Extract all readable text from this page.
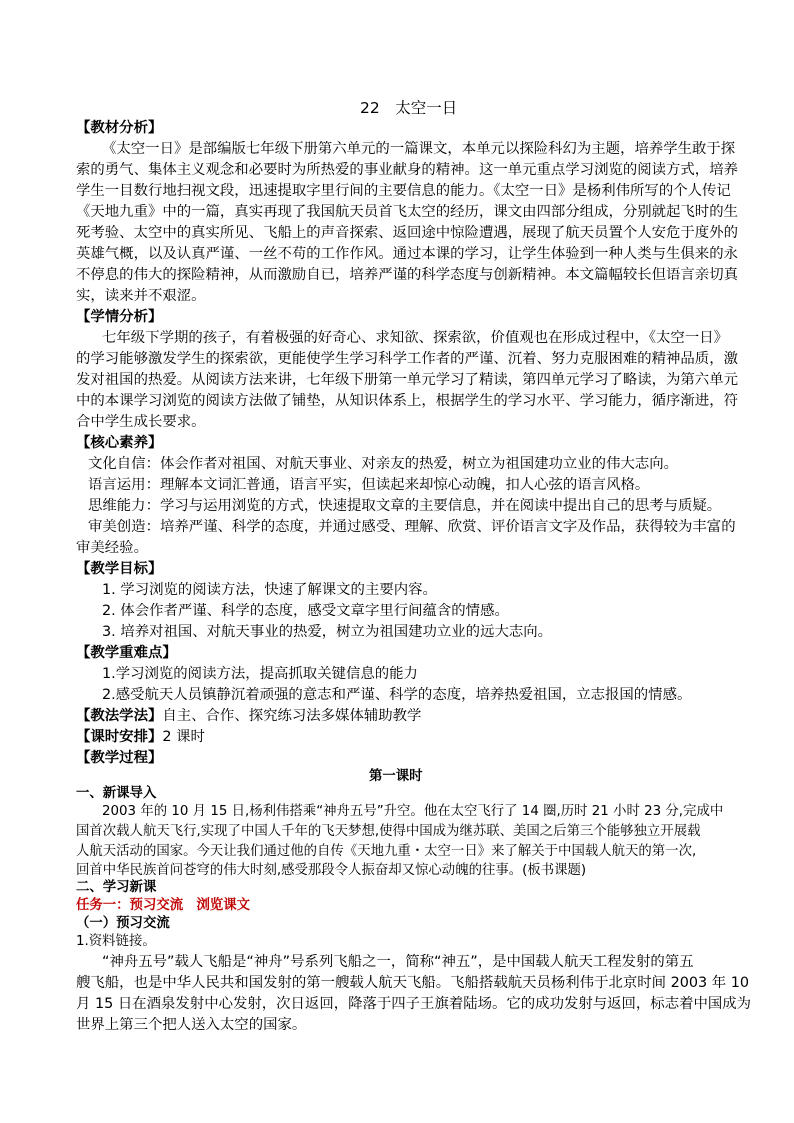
22　太空一日
【教材分析】
《太空一日》是部编版七年级下册第六单元的一篇课文，本单元以探险科幻为主题，培养学生敢于探
索的勇气、集体主义观念和必要时为所热爱的事业献身的精神。这一单元重点学习浏览的阅读方式，培养
学生一目数行地扫视文段，迅速提取字里行间的主要信息的能力。《太空一日》是杨利伟所写的个人传记
《天地九重》中的一篇，真实再现了我国航天员首飞太空的经历，课文由四部分组成，分别就起飞时的生
死考验、太空中的真实所见、飞船上的声音探索、返回途中惊险遭遇，展现了航天员置个人安危于度外的
英雄气概，以及认真严谨、一丝不苟的工作作风。通过本课的学习，让学生体验到一种人类与生俱来的永
不停息的伟大的探险精神，从而激励自已，培养严谨的科学态度与创新精神。本文篇幅较长但语言亲切真
实，读来并不艰涩。
【学情分析】
七年级下学期的孩子，有着极强的好奇心、求知欲、探索欲，价值观也在形成过程中，《太空一日》
的学习能够激发学生的探索欲，更能使学生学习科学工作者的严谨、沉着、努力克服困难的精神品质，激
发对祖国的热爱。从阅读方法来讲，七年级下册第一单元学习了精读，第四单元学习了略读，为第六单元
中的本课学习浏览的阅读方法做了铺垫，从知识体系上，根据学生的学习水平、学习能力，循序渐进，符
合中学生成长要求。
【核心素养】
文化自信：体会作者对祖国、对航天事业、对亲友的热爱，树立为祖国建功立业的伟大志向。
语言运用：理解本文词汇普通，语言平实，但读起来却惊心动魄，扣人心弦的语言风格。
思维能力：学习与运用浏览的方式，快速提取文章的主要信息，并在阅读中提出自己的思考与质疑。
审美创造：培养严谨、科学的态度，并通过感受、理解、欣赏、评价语言文字及作品，获得较为丰富的
审美经验。
【教学目标】
1. 学习浏览的阅读方法，快速了解课文的主要内容。
2. 体会作者严谨、科学的态度，感受文章字里行间蕴含的情感。
3. 培养对祖国、对航天事业的热爱，树立为祖国建功立业的远大志向。
【教学重难点】
1.学习浏览的阅读方法，提高抓取关键信息的能力
2.感受航天人员镇静沉着顽强的意志和严谨、科学的态度，培养热爱祖国，立志报国的情感。
【教法学法】自主、合作、探究练习法多媒体辅助教学
【课时安排】2 课时
【教学过程】
第一课时
一、新课导入
2003 年的 10 月 15 日,杨利伟搭乘“神舟五号”升空。他在太空飞行了 14 圈,历时 21 小时 23 分,完成中
国首次载人航天飞行,实现了中国人千年的飞天梦想,使得中国成为继苏联、美国之后第三个能够独立开展载
人航天活动的国家。今天让我们通过他的自传《天地九重・太空一日》来了解关于中国载人航天的第一次,
回首中华民族首问苍穹的伟大时刻,感受那段令人振奋却又惊心动魄的往事。(板书课题)
二、学习新课
任务一：预习交流　浏览课文
（一）预习交流
1.资料链接。
“神舟五号”载人飞船是“神舟”号系列飞船之一，简称“神五”，是中国载人航天工程发射的第五
艘飞船，也是中华人民共和国发射的第一艘载人航天飞船。飞船搭载航天员杨利伟于北京时间 2003 年 10
月 15 日在酒泉发射中心发射，次日返回，降落于四子王旗着陆场。它的成功发射与返回，标志着中国成为
世界上第三个把人送入太空的国家。
